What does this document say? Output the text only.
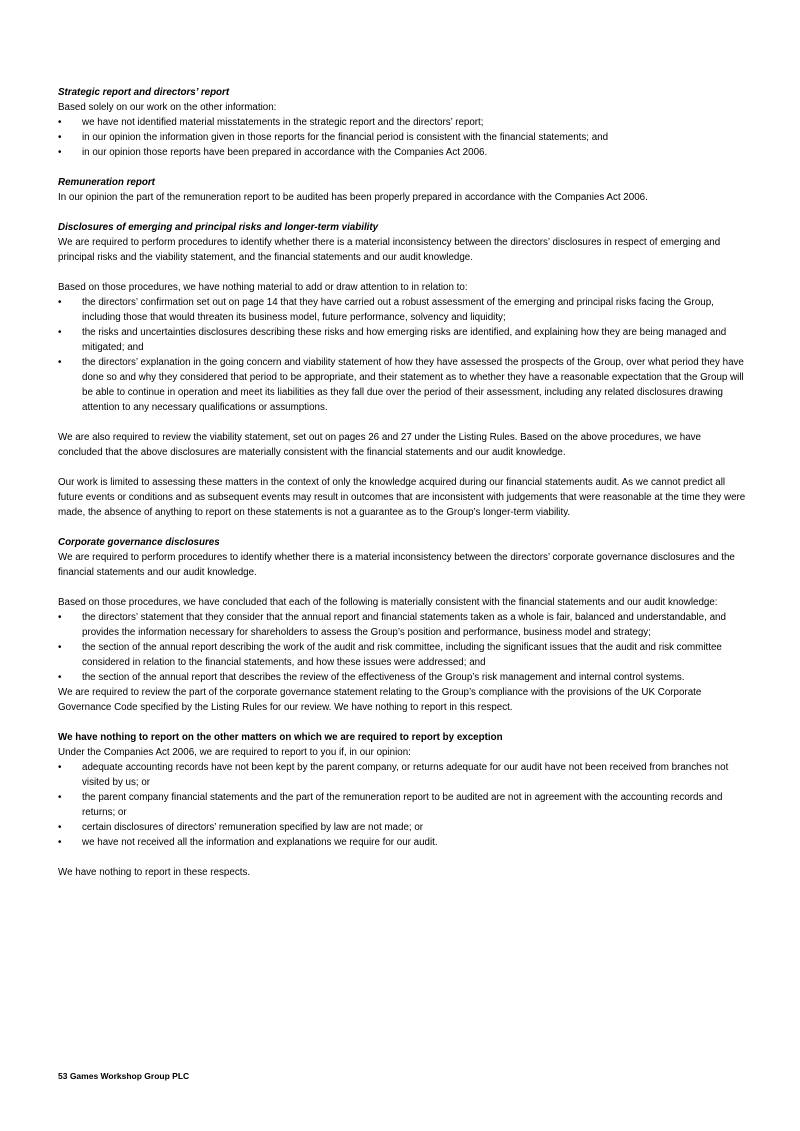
Strategic report and directors’ report

Based solely on our work on the other information:

• we have not identified material misstatements in the strategic report and the directors’ report;
• in our opinion the information given in those reports for the financial period is consistent with the financial statements; and
• in our opinion those reports have been prepared in accordance with the Companies Act 2006.

Remuneration report

In our opinion the part of the remuneration report to be audited has been properly prepared in accordance with the Companies Act 2006.

Disclosures of emerging and principal risks and longer-term viability

We are required to perform procedures to identify whether there is a material inconsistency between the directors’ disclosures in respect of emerging and principal risks and the viability statement, and the financial statements and our audit knowledge.

Based on those procedures, we have nothing material to add or draw attention to in relation to:

• the directors’ confirmation set out on page 14 that they have carried out a robust assessment of the emerging and principal risks facing the Group, including those that would threaten its business model, future performance, solvency and liquidity;
• the risks and uncertainties disclosures describing these risks and how emerging risks are identified, and explaining how they are being managed and mitigated; and
• the directors’ explanation in the going concern and viability statement of how they have assessed the prospects of the Group, over what period they have done so and why they considered that period to be appropriate, and their statement as to whether they have a reasonable expectation that the Group will be able to continue in operation and meet its liabilities as they fall due over the period of their assessment, including any related disclosures drawing attention to any necessary qualifications or assumptions.

We are also required to review the viability statement, set out on pages 26 and 27 under the Listing Rules. Based on the above procedures, we have concluded that the above disclosures are materially consistent with the financial statements and our audit knowledge.

Our work is limited to assessing these matters in the context of only the knowledge acquired during our financial statements audit. As we cannot predict all future events or conditions and as subsequent events may result in outcomes that are inconsistent with judgements that were reasonable at the time they were made, the absence of anything to report on these statements is not a guarantee as to the Group’s longer-term viability.

Corporate governance disclosures

We are required to perform procedures to identify whether there is a material inconsistency between the directors’ corporate governance disclosures and the financial statements and our audit knowledge.

Based on those procedures, we have concluded that each of the following is materially consistent with the financial statements and our audit knowledge:

• the directors’ statement that they consider that the annual report and financial statements taken as a whole is fair, balanced and understandable, and provides the information necessary for shareholders to assess the Group’s position and performance, business model and strategy;
• the section of the annual report describing the work of the audit and risk committee, including the significant issues that the audit and risk committee considered in relation to the financial statements, and how these issues were addressed; and
• the section of the annual report that describes the review of the effectiveness of the Group’s risk management and internal control systems.

We are required to review the part of the corporate governance statement relating to the Group’s compliance with the provisions of the UK Corporate Governance Code specified by the Listing Rules for our review. We have nothing to report in this respect.

We have nothing to report on the other matters on which we are required to report by exception

Under the Companies Act 2006, we are required to report to you if, in our opinion:

• adequate accounting records have not been kept by the parent company, or returns adequate for our audit have not been received from branches not visited by us; or
• the parent company financial statements and the part of the remuneration report to be audited are not in agreement with the accounting records and returns; or
• certain disclosures of directors’ remuneration specified by law are not made; or
• we have not received all the information and explanations we require for our audit.

We have nothing to report in these respects.

53 Games Workshop Group PLC
